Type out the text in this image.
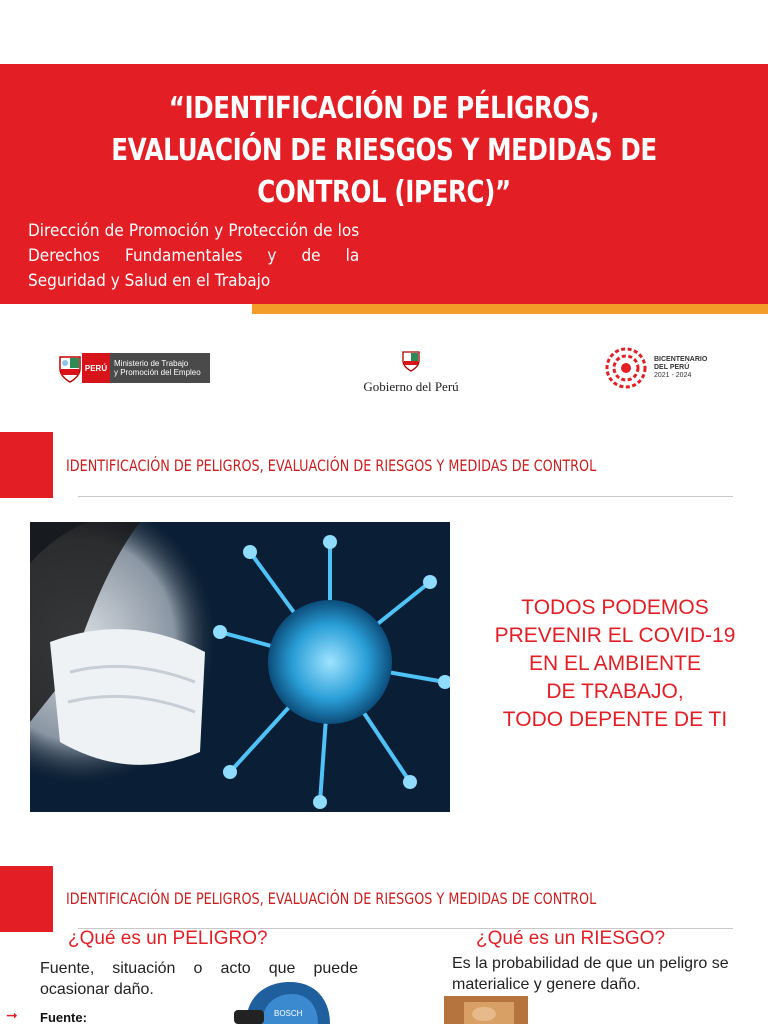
“IDENTIFICACIÓN DE PÉLIGROS, EVALUACIÓN DE RIESGOS Y MEDIDAS DE CONTROL (IPERC)”

Dirección de Promoción y Protección de los Derechos Fundamentales y de la Seguridad y Salud en el Trabajo

PERÚ Ministerio de Trabajo
y Promoción del Empleo
Gobierno del Perú
BICENTENARIO
DEL PERÚ
2021 - 2024
IDENTIFICACIÓN DE PELIGROS, EVALUACIÓN DE RIESGOS Y MEDIDAS DE CONTROL
TODOS PODEMOS
PREVENIR EL COVID-19
EN EL AMBIENTE
DE TRABAJO,
TODO DEPENTE DE TI
IDENTIFICACIÓN DE PELIGROS, EVALUACIÓN DE RIESGOS Y MEDIDAS DE CONTROL
¿Qué es un PELIGRO?
Fuente, situación o acto que puede ocasionar daño.
➞ Fuente:	BOSCH
¿Qué es un RIESGO?
Es la probabilidad de que un peligro se materialice y genere daño.
